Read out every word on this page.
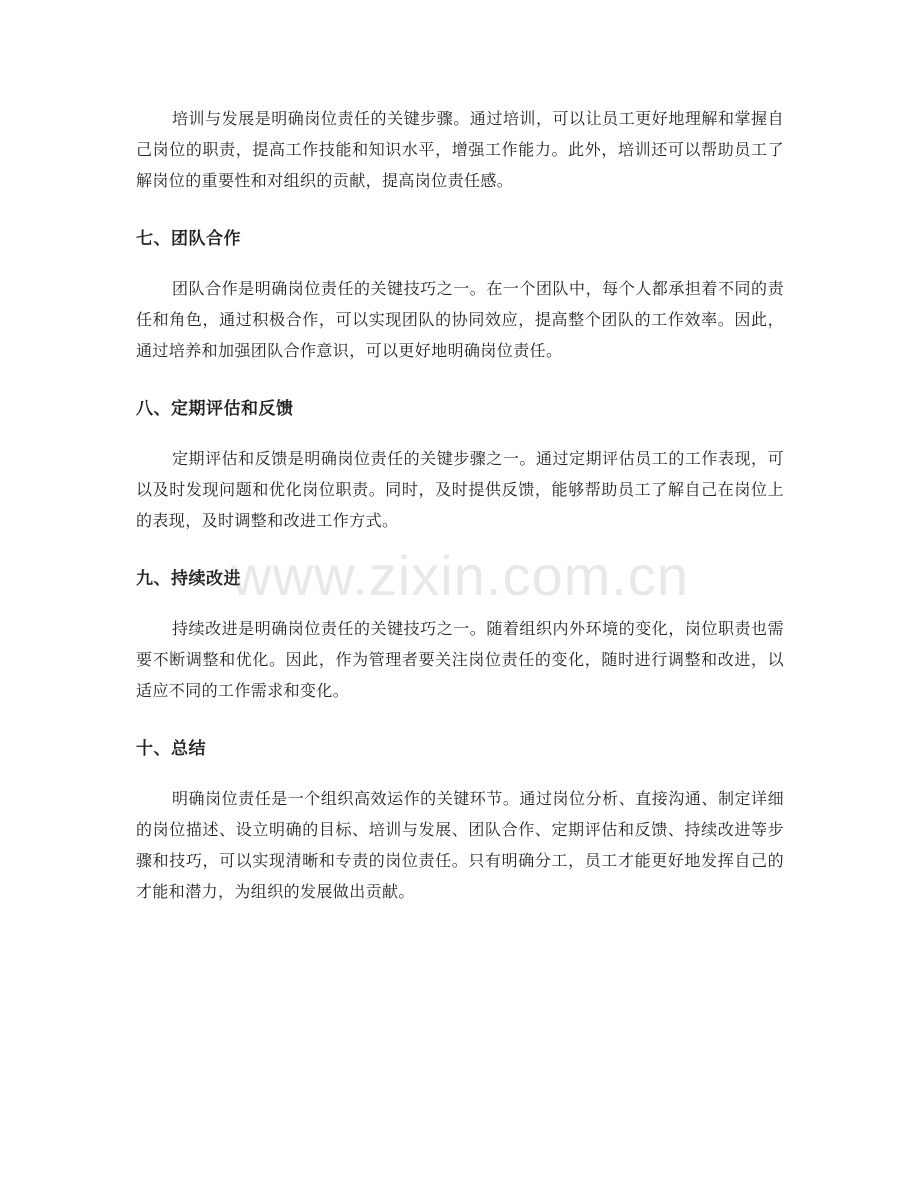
培训与发展是明确岗位责任的关键步骤。通过培训，可以让员工更好地理解和掌握自己岗位的职责，提高工作技能和知识水平，增强工作能力。此外，培训还可以帮助员工了解岗位的重要性和对组织的贡献，提高岗位责任感。

七、团队合作

团队合作是明确岗位责任的关键技巧之一。在一个团队中，每个人都承担着不同的责任和角色，通过积极合作，可以实现团队的协同效应，提高整个团队的工作效率。因此，通过培养和加强团队合作意识，可以更好地明确岗位责任。

八、定期评估和反馈

定期评估和反馈是明确岗位责任的关键步骤之一。通过定期评估员工的工作表现，可以及时发现问题和优化岗位职责。同时，及时提供反馈，能够帮助员工了解自己在岗位上的表现，及时调整和改进工作方式。

九、持续改进

持续改进是明确岗位责任的关键技巧之一。随着组织内外环境的变化，岗位职责也需要不断调整和优化。因此，作为管理者要关注岗位责任的变化，随时进行调整和改进，以适应不同的工作需求和变化。

十、总结

明确岗位责任是一个组织高效运作的关键环节。通过岗位分析、直接沟通、制定详细的岗位描述、设立明确的目标、培训与发展、团队合作、定期评估和反馈、持续改进等步骤和技巧，可以实现清晰和专责的岗位责任。只有明确分工，员工才能更好地发挥自己的才能和潜力，为组织的发展做出贡献。

www.zixin.com.cn
